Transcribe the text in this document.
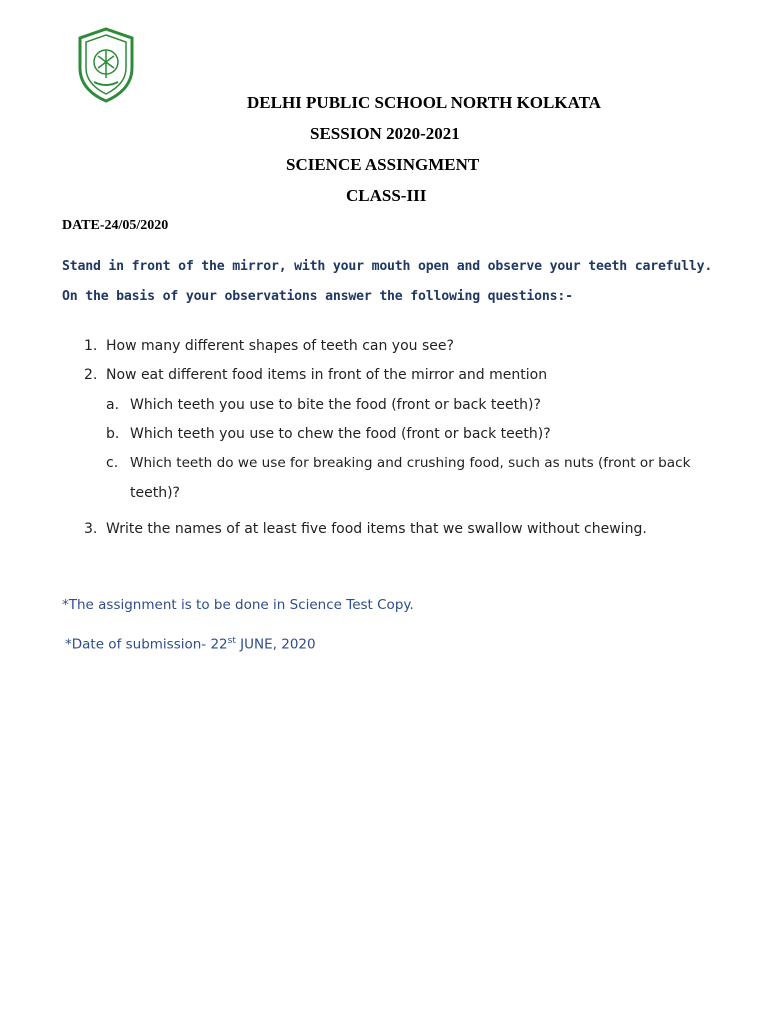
DELHI PUBLIC SCHOOL NORTH KOLKATA
SESSION 2020-2021
SCIENCE ASSINGMENT
CLASS-III
DATE-24/05/2020
Stand in front of the mirror, with your mouth open and observe your teeth carefully.
On the basis of your observations answer the following questions:-
1. How many different shapes of teeth can you see?
2. Now eat different food items in front of the mirror and mention
a. Which teeth you use to bite the food (front or back teeth)?
b. Which teeth you use to chew the food (front or back teeth)?
c. Which teeth do we use for breaking and crushing food, such as nuts (front or back
teeth)?
3. Write the names of at least five food items that we swallow without chewing.
*The assignment is to be done in Science Test Copy.
*Date of submission- 22st JUNE, 2020
